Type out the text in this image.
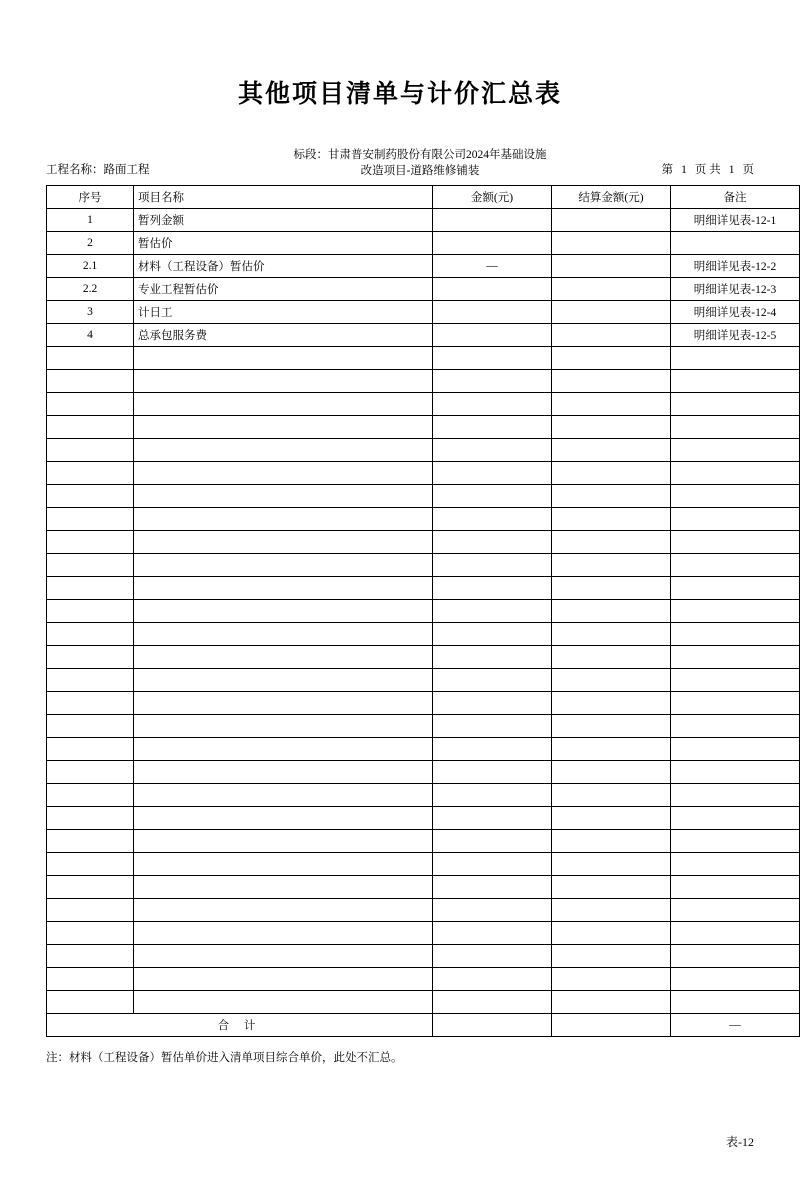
其他项目清单与计价汇总表
工程名称：路面工程
标段：甘肃普安制药股份有限公司2024年基础设施
改造项目-道路维修铺装	第 1 页 共 1 页
序号	项目名称	金额(元)	结算金额(元)	备注
1	暂列金额			明细详见表-12-1
2	暂估价			
2.1	材料（工程设备）暂估价	—		明细详见表-12-2
2.2	专业工程暂估价			明细详见表-12-3
3	计日工			明细详见表-12-4
4	总承包服务费			明细详见表-12-5

合 计				—
注：材料（工程设备）暂估单价进入清单项目综合单价，此处不汇总。
表-12
